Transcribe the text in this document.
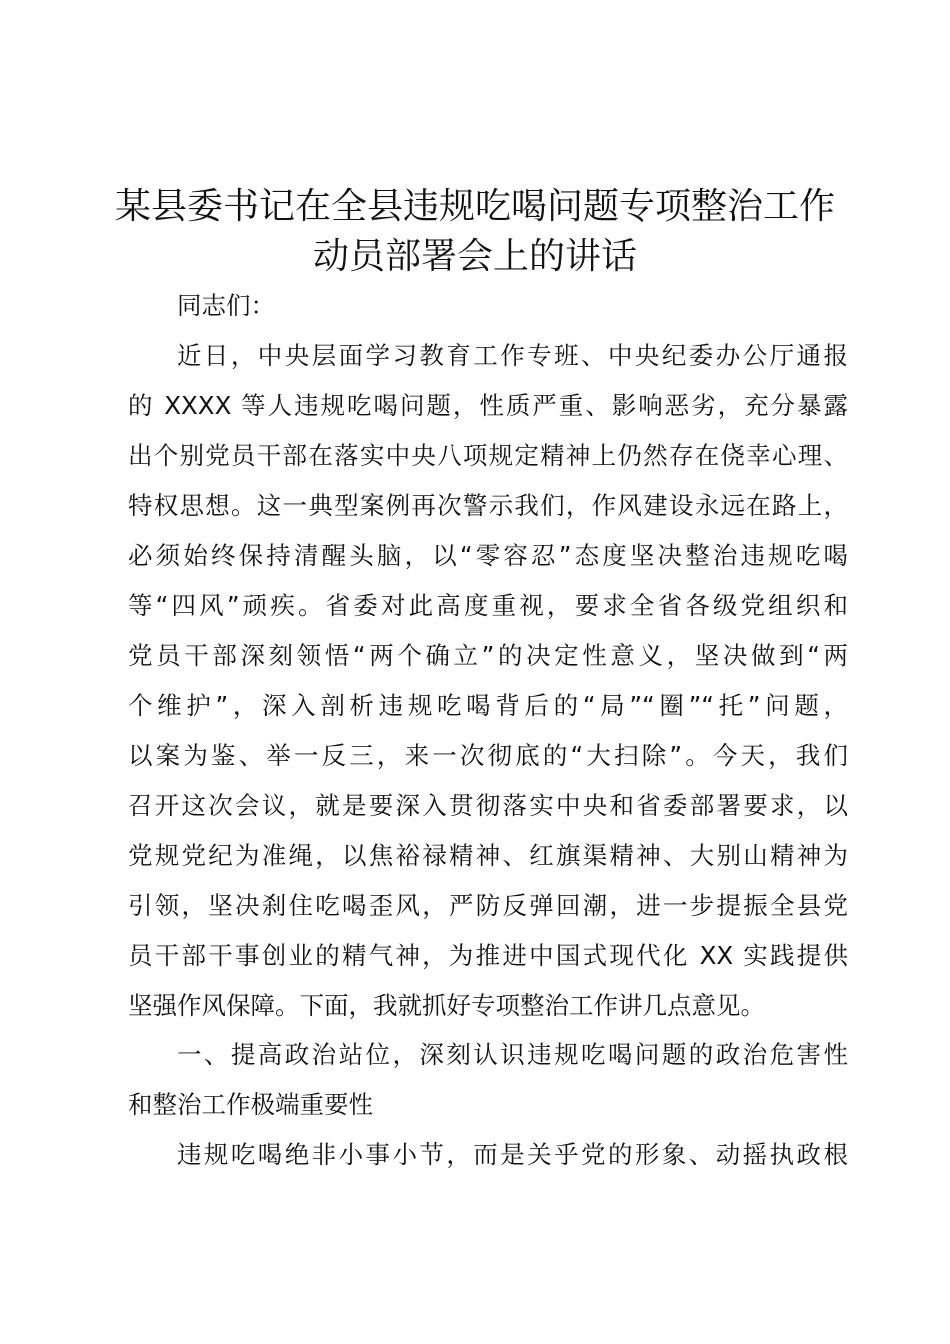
某县委书记在全县违规吃喝问题专项整治工作
动员部署会上的讲话
同志们：
近日，中央层面学习教育工作专班、中央纪委办公厅通报
的 XXXX 等人违规吃喝问题，性质严重、影响恶劣，充分暴露
出个别党员干部在落实中央八项规定精神上仍然存在侥幸心理、
特权思想。这一典型案例再次警示我们，作风建设永远在路上，
必须始终保持清醒头脑，以“零容忍”态度坚决整治违规吃喝
等“四风”顽疾。省委对此高度重视，要求全省各级党组织和
党员干部深刻领悟“两个确立”的决定性意义，坚决做到“两
个维护”，深入剖析违规吃喝背后的“局”“圈”“托”问题，
以案为鉴、举一反三，来一次彻底的“大扫除”。今天，我们
召开这次会议，就是要深入贯彻落实中央和省委部署要求，以
党规党纪为准绳，以焦裕禄精神、红旗渠精神、大别山精神为
引领，坚决刹住吃喝歪风，严防反弹回潮，进一步提振全县党
员干部干事创业的精气神，为推进中国式现代化 XX 实践提供
坚强作风保障。下面，我就抓好专项整治工作讲几点意见。
一、提高政治站位，深刻认识违规吃喝问题的政治危害性
和整治工作极端重要性
违规吃喝绝非小事小节，而是关乎党的形象、动摇执政根
